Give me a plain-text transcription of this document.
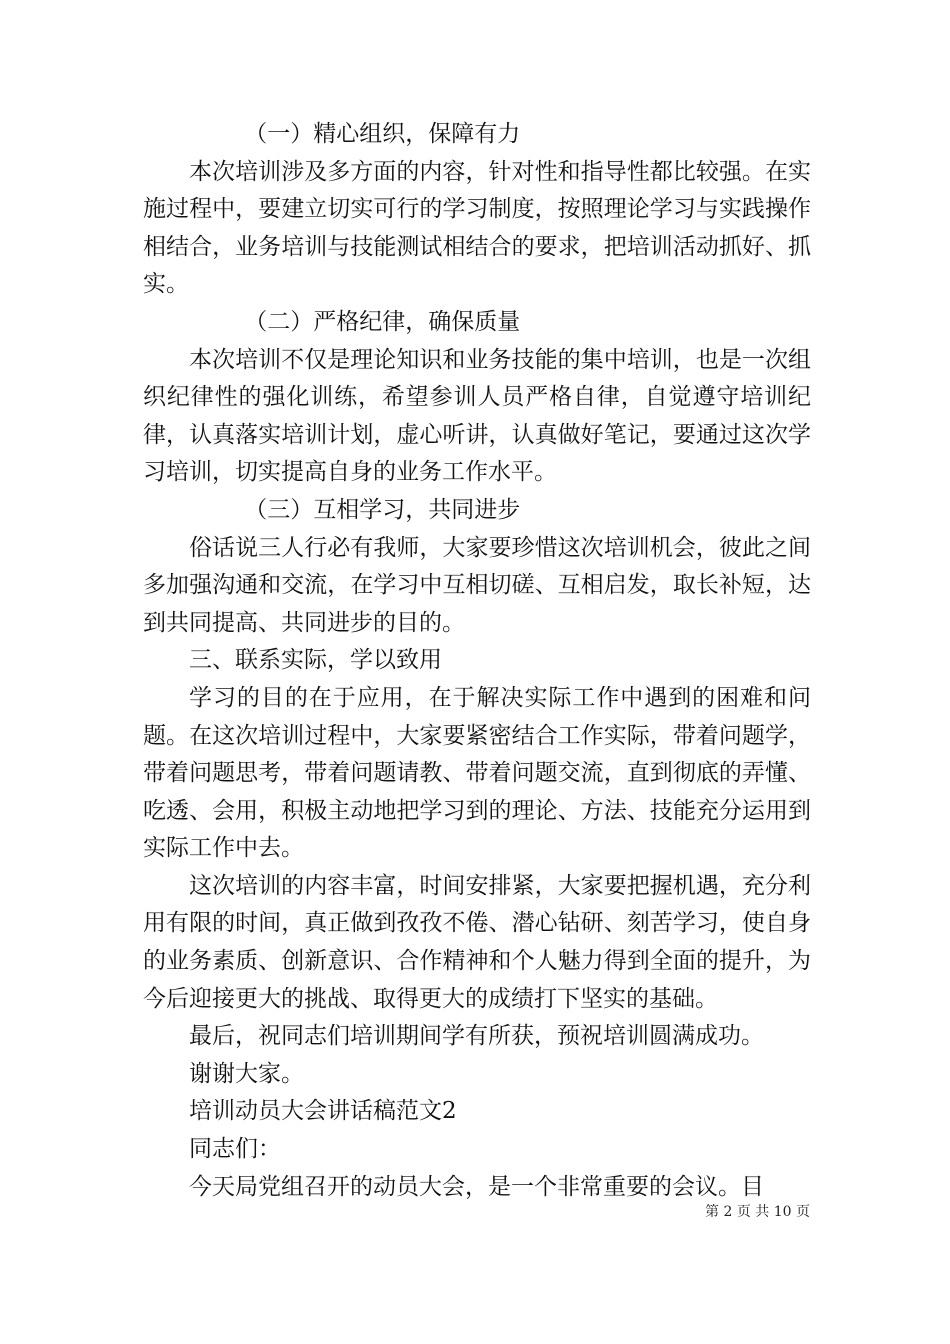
（一）精心组织，保障有力

本次培训涉及多方面的内容，针对性和指导性都比较强。在实施过程中，要建立切实可行的学习制度，按照理论学习与实践操作相结合，业务培训与技能测试相结合的要求，把培训活动抓好、抓实。

（二）严格纪律，确保质量

本次培训不仅是理论知识和业务技能的集中培训，也是一次组织纪律性的强化训练，希望参训人员严格自律，自觉遵守培训纪律，认真落实培训计划，虚心听讲，认真做好笔记，要通过这次学习培训，切实提高自身的业务工作水平。

（三）互相学习，共同进步

俗话说三人行必有我师，大家要珍惜这次培训机会，彼此之间多加强沟通和交流，在学习中互相切磋、互相启发，取长补短，达到共同提高、共同进步的目的。

三、联系实际，学以致用

学习的目的在于应用，在于解决实际工作中遇到的困难和问题。在这次培训过程中，大家要紧密结合工作实际，带着问题学，带着问题思考，带着问题请教、带着问题交流，直到彻底的弄懂、吃透、会用，积极主动地把学习到的理论、方法、技能充分运用到实际工作中去。

这次培训的内容丰富，时间安排紧，大家要把握机遇，充分利用有限的时间，真正做到孜孜不倦、潜心钻研、刻苦学习，使自身的业务素质、创新意识、合作精神和个人魅力得到全面的提升，为今后迎接更大的挑战、取得更大的成绩打下坚实的基础。

最后，祝同志们培训期间学有所获，预祝培训圆满成功。

谢谢大家。

培训动员大会讲话稿范文2

同志们：

今天局党组召开的动员大会，是一个非常重要的会议。目

第 2 页 共 10 页
